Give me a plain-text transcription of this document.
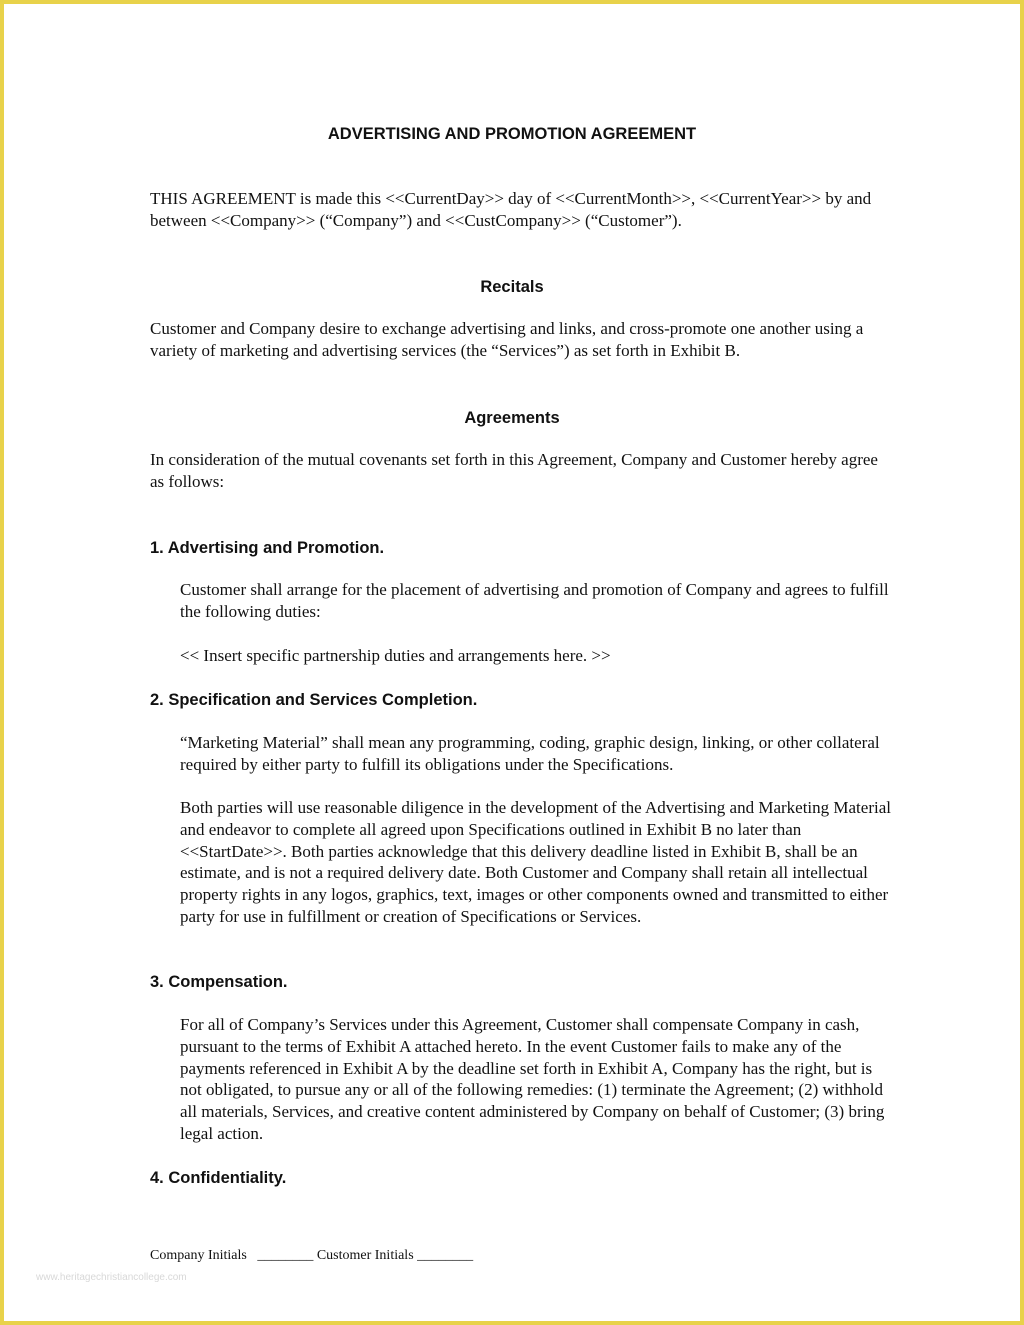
ADVERTISING AND PROMOTION AGREEMENT

THIS AGREEMENT is made this <<CurrentDay>> day of <<CurrentMonth>>, <<CurrentYear>> by and between <<Company>> (“Company”) and <<CustCompany>> (“Customer”).

Recitals

Customer and Company desire to exchange advertising and links, and cross-promote one another using a variety of marketing and advertising services (the “Services”) as set forth in Exhibit B.

Agreements

In consideration of the mutual covenants set forth in this Agreement, Company and Customer hereby agree as follows:

1. Advertising and Promotion.

Customer shall arrange for the placement of advertising and promotion of Company and agrees to fulfill the following duties:

<< Insert specific partnership duties and arrangements here. >>

2. Specification and Services Completion.

“Marketing Material” shall mean any programming, coding, graphic design, linking, or other collateral required by either party to fulfill its obligations under the Specifications.

Both parties will use reasonable diligence in the development of the Advertising and Marketing Material and endeavor to complete all agreed upon Specifications outlined in Exhibit B no later than <<StartDate>>. Both parties acknowledge that this delivery deadline listed in Exhibit B, shall be an estimate, and is not a required delivery date. Both Customer and Company shall retain all intellectual property rights in any logos, graphics, text, images or other components owned and transmitted to either party for use in fulfillment or creation of Specifications or Services.

3. Compensation.

For all of Company’s Services under this Agreement, Customer shall compensate Company in cash, pursuant to the terms of Exhibit A attached hereto. In the event Customer fails to make any of the payments referenced in Exhibit A by the deadline set forth in Exhibit A, Company has the right, but is not obligated, to pursue any or all of the following remedies: (1) terminate the Agreement; (2) withhold all materials, Services, and creative content administered by Company on behalf of Customer; (3) bring legal action.

4. Confidentiality.
Company Initials   ________ Customer Initials ________
www.heritagechristiancollege.com
